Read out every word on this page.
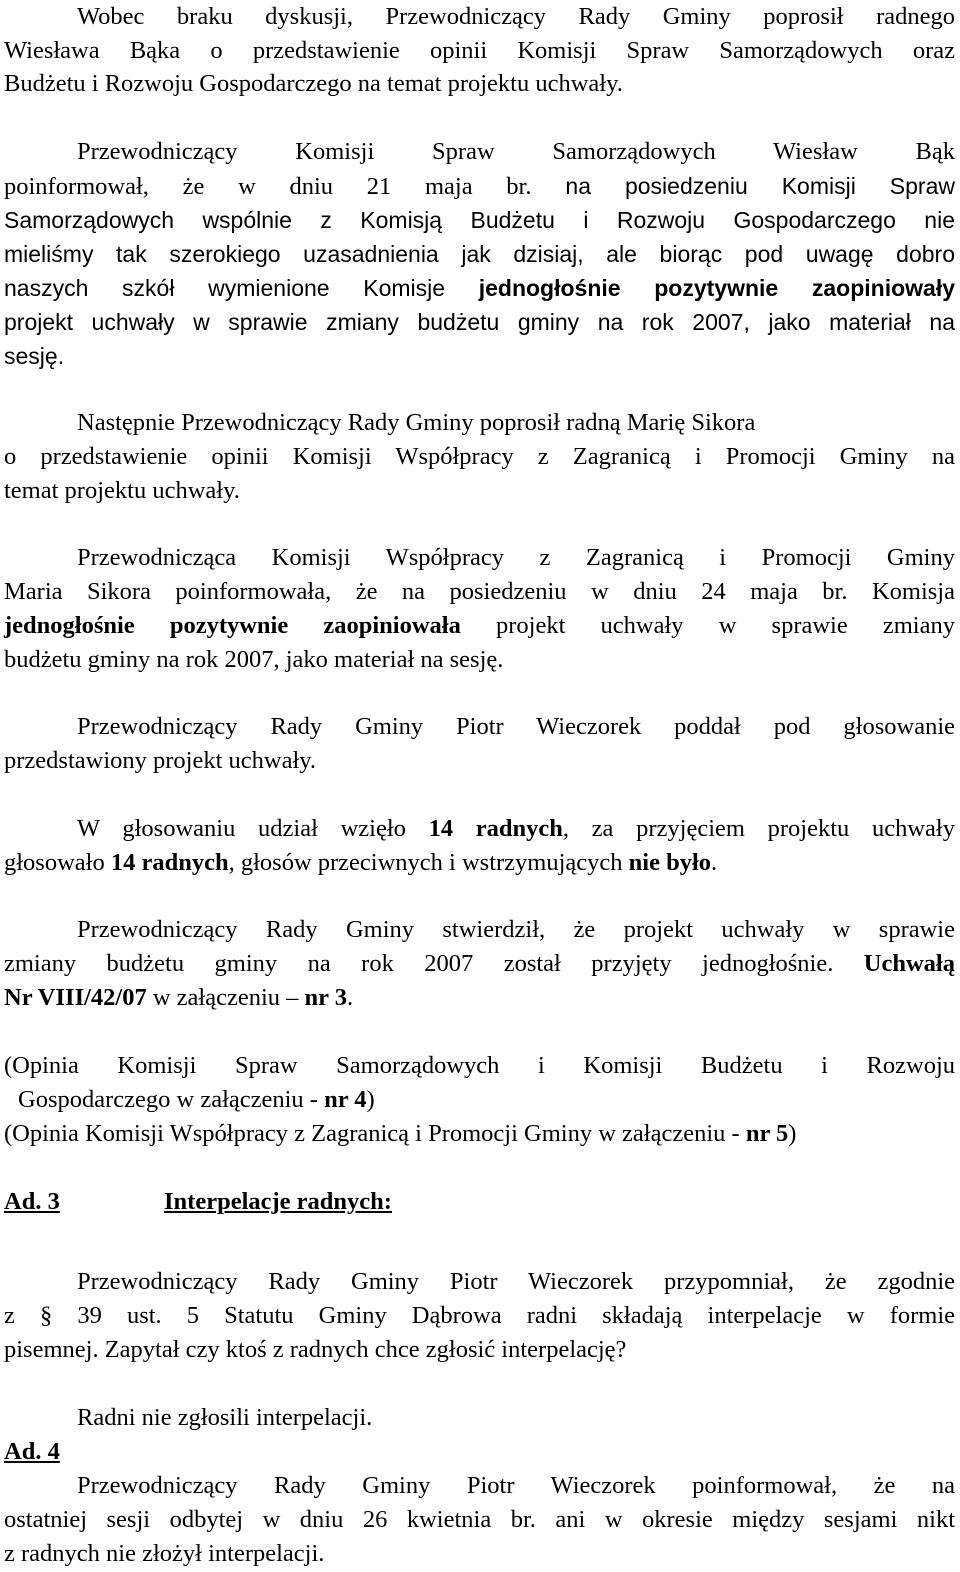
Wobec braku dyskusji, Przewodniczący Rady Gminy poprosił radnego
Wiesława Bąka o przedstawienie opinii Komisji Spraw Samorządowych oraz
Budżetu i Rozwoju Gospodarczego na temat projektu uchwały.
Przewodniczący Komisji Spraw Samorządowych Wiesław Bąk
poinformował, że w dniu 21 maja br. na posiedzeniu Komisji Spraw
Samorządowych wspólnie z Komisją Budżetu i Rozwoju Gospodarczego nie
mieliśmy tak szerokiego uzasadnienia jak dzisiaj, ale biorąc pod uwagę dobro
naszych szkół wymienione Komisje jednogłośnie pozytywnie zaopiniowały
projekt uchwały w sprawie zmiany budżetu gminy na rok 2007, jako materiał na
sesję.
Następnie Przewodniczący Rady Gminy poprosił radną Marię Sikora
o przedstawienie opinii Komisji Współpracy z Zagranicą i Promocji Gminy na
temat projektu uchwały.
Przewodnicząca Komisji Współpracy z Zagranicą i Promocji Gminy
Maria Sikora poinformowała, że na posiedzeniu w dniu 24 maja br. Komisja
jednogłośnie pozytywnie zaopiniowała projekt uchwały w sprawie zmiany
budżetu gminy na rok 2007, jako materiał na sesję.
Przewodniczący Rady Gminy Piotr Wieczorek poddał pod głosowanie
przedstawiony projekt uchwały.
W głosowaniu udział wzięło 14 radnych, za przyjęciem projektu uchwały
głosowało 14 radnych, głosów przeciwnych i wstrzymujących nie było.
Przewodniczący Rady Gminy stwierdził, że projekt uchwały w sprawie
zmiany budżetu gminy na rok 2007 został przyjęty jednogłośnie. Uchwałą
Nr VIII/42/07 w załączeniu – nr 3.
(Opinia Komisji Spraw Samorządowych i Komisji Budżetu i Rozwoju
Gospodarczego w załączeniu - nr 4)
(Opinia Komisji Współpracy z Zagranicą i Promocji Gminy w załączeniu - nr 5)
Ad. 3	Interpelacje radnych:
Przewodniczący Rady Gminy Piotr Wieczorek przypomniał, że zgodnie
z § 39 ust. 5 Statutu Gminy Dąbrowa radni składają interpelacje w formie
pisemnej. Zapytał czy ktoś z radnych chce zgłosić interpelację?
Radni nie zgłosili interpelacji.
Ad. 4
Przewodniczący Rady Gminy Piotr Wieczorek poinformował, że na
ostatniej sesji odbytej w dniu 26 kwietnia br. ani w okresie między sesjami nikt
z radnych nie złożył interpelacji.
